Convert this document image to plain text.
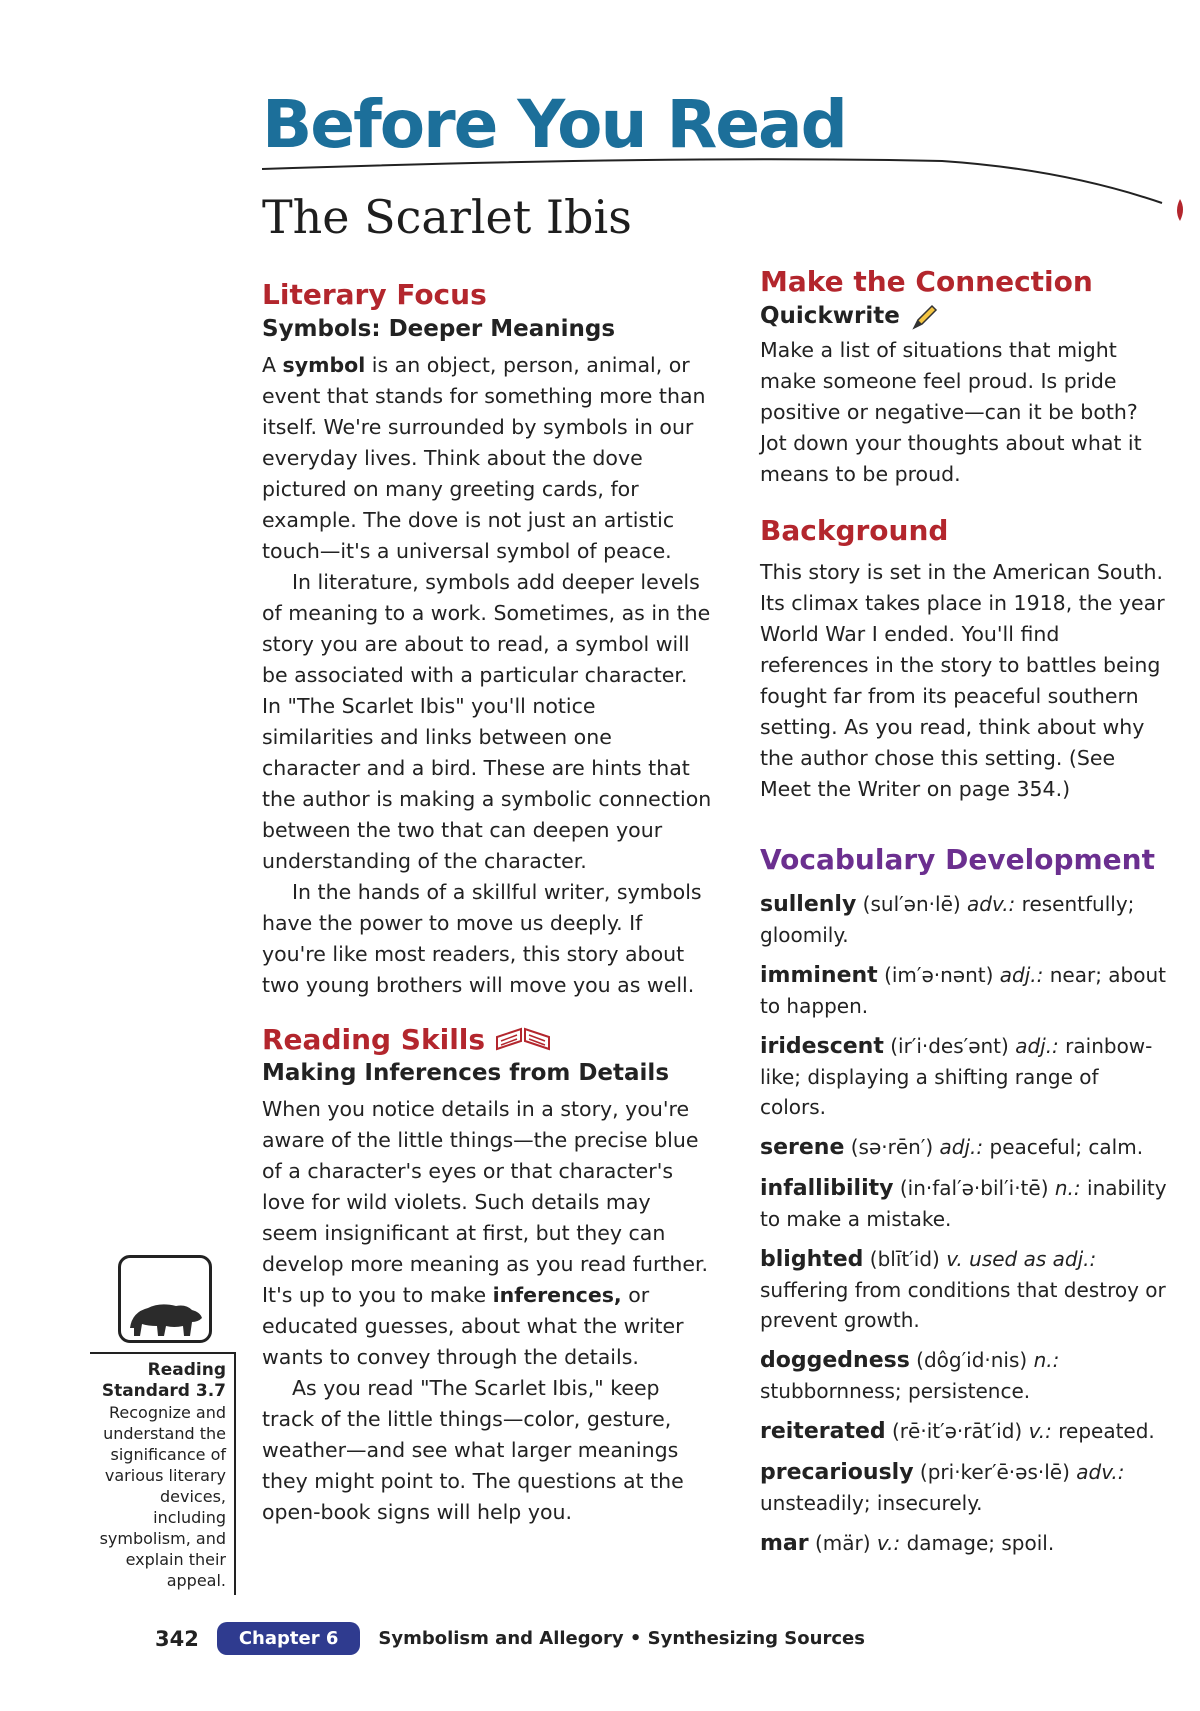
Before You Read
The Scarlet Ibis
Literary Focus
Symbols: Deeper Meanings

A symbol is an object, person, animal, or event that stands for something more than itself. We're surrounded by symbols in our everyday lives. Think about the dove pictured on many greeting cards, for example. The dove is not just an artistic touch—it's a universal symbol of peace.

In literature, symbols add deeper levels of meaning to a work. Sometimes, as in the story you are about to read, a symbol will be associated with a particular character. In "The Scarlet Ibis" you'll notice similarities and links between one character and a bird. These are hints that the author is making a symbolic connection between the two that can deepen your understanding of the character.

In the hands of a skillful writer, symbols have the power to move us deeply. If you're like most readers, this story about two young brothers will move you as well.

Reading Skills
Making Inferences from Details

When you notice details in a story, you're aware of the little things—the precise blue of a character's eyes or that character's love for wild violets. Such details may seem insignificant at first, but they can develop more meaning as you read further. It's up to you to make inferences, or educated guesses, about what the writer wants to convey through the details.

As you read "The Scarlet Ibis," keep track of the little things—color, gesture, weather—and see what larger meanings they might point to. The questions at the open-book signs will help you.

Reading Standard 3.7
Recognize and understand the significance of various literary devices, including symbolism, and explain their appeal.
Make the Connection
Quickwrite

Make a list of situations that might make someone feel proud. Is pride positive or negative—can it be both? Jot down your thoughts about what it means to be proud.

Background

This story is set in the American South. Its climax takes place in 1918, the year World War I ended. You'll find references in the story to battles being fought far from its peaceful southern setting. As you read, think about why the author chose this setting. (See Meet the Writer on page 354.)

Vocabulary Development

sullenly (sul′ən·lē) adv.: resentfully; gloomily.

imminent (im′ə·nənt) adj.: near; about to happen.

iridescent (ir′i·des′ənt) adj.: rainbow-like; displaying a shifting range of colors.

serene (sə·rēn′) adj.: peaceful; calm.

infallibility (in·fal′ə·bil′i·tē) n.: inability to make a mistake.

blighted (blīt′id) v. used as adj.: suffering from conditions that destroy or prevent growth.

doggedness (dôg′id·nis) n.: stubbornness; persistence.

reiterated (rē·it′ə·rāt′id) v.: repeated.

precariously (pri·ker′ē·əs·lē) adv.: unsteadily; insecurely.

mar (mär) v.: damage; spoil.

342	Chapter 6	Symbolism and Allegory • Synthesizing Sources
